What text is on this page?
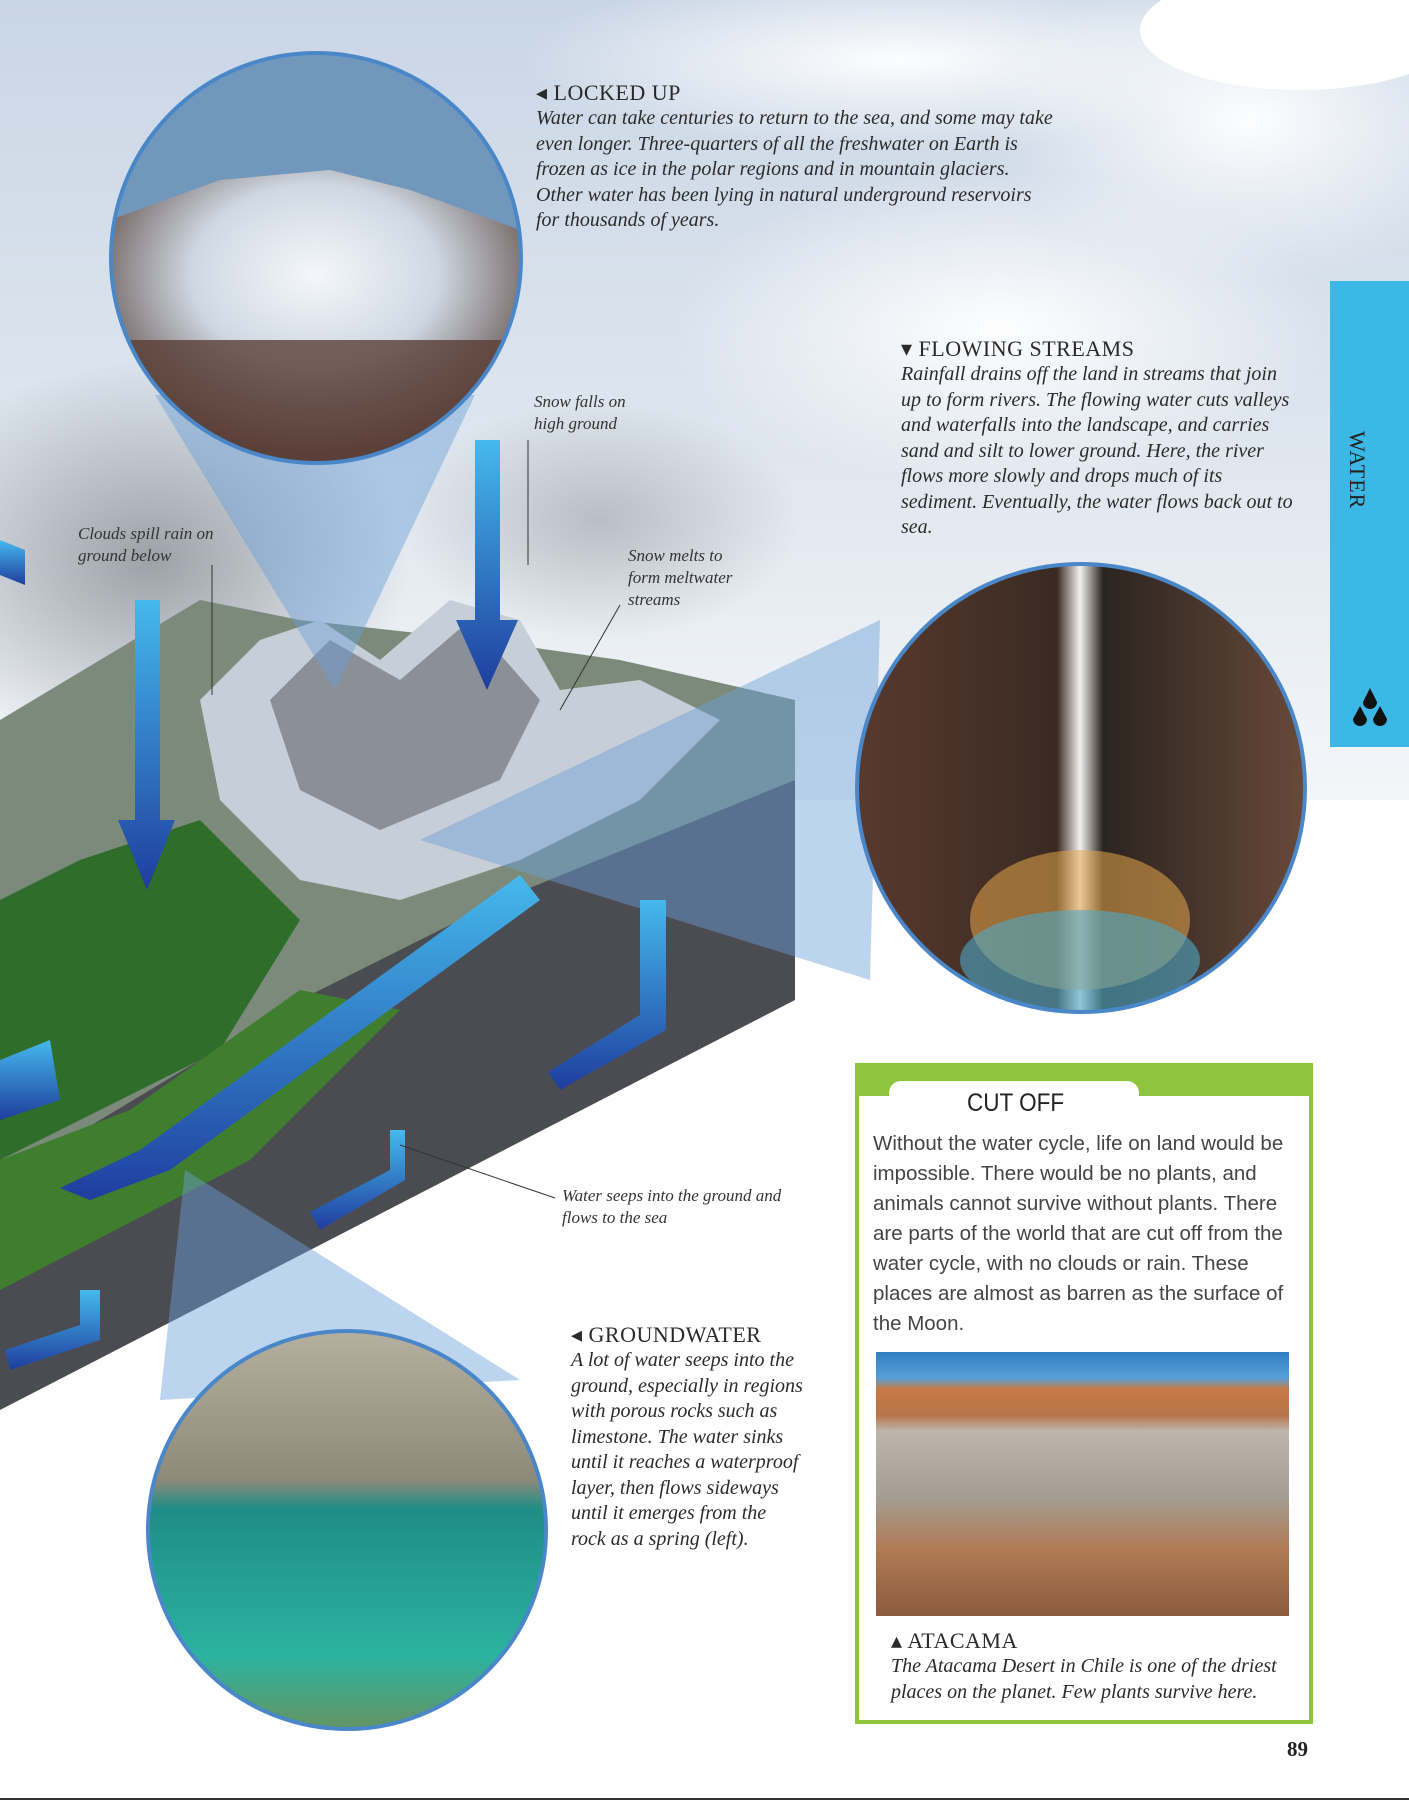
◂ LOCKED UP

Water can take centuries to return to the sea, and some may take even longer. Three-quarters of all the freshwater on Earth is frozen as ice in the polar regions and in mountain glaciers. Other water has been lying in natural underground reservoirs for thousands of years.

▾ FLOWING STREAMS

Rainfall drains off the land in streams that join up to form rivers. The flowing water cuts valleys and waterfalls into the landscape, and carries sand and silt to lower ground. Here, the river flows more slowly and drops much of its sediment. Eventually, the water flows back out to sea.

◂ GROUNDWATER

A lot of water seeps into the ground, especially in regions with porous rocks such as limestone. The water sinks until it reaches a waterproof layer, then flows sideways until it emerges from the rock as a spring (left).

Snow falls on high ground
Clouds spill rain on ground below	Snow melts to form meltwater streams
Water seeps into the ground and flows to the sea
WATER
CUT OFF
Without the water cycle, life on land would be impossible. There would be no plants, and animals cannot survive without plants. There are parts of the world that are cut off from the water cycle, with no clouds or rain. These places are almost as barren as the surface of the Moon.
▴ ATACAMA

The Atacama Desert in Chile is one of the driest places on the planet. Few plants survive here.

89
